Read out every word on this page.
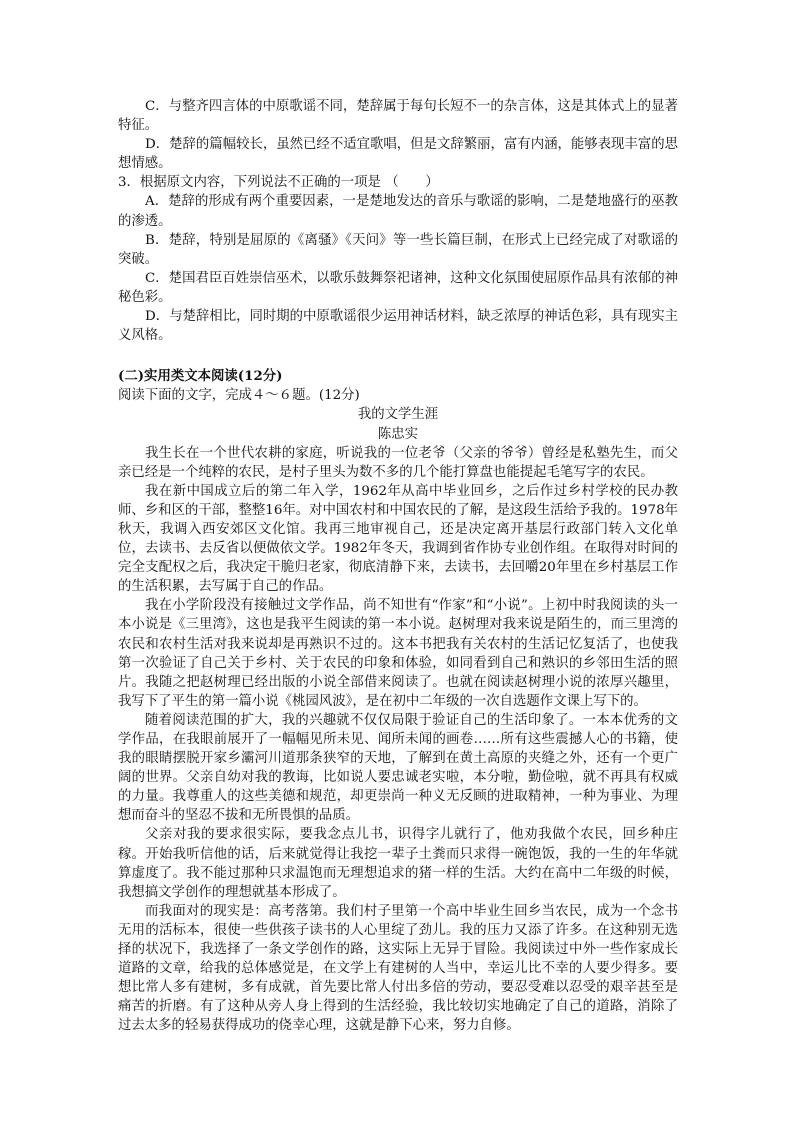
C．与整齐四言体的中原歌谣不同，楚辞属于每句长短不一的杂言体，这是其体式上的显著特征。

D．楚辞的篇幅较长，虽然已经不适宜歌唱，但是文辞繁丽，富有内涵，能够表现丰富的思想情感。

3．根据原文内容，下列说法不正确的一项是 （　　）

A．楚辞的形成有两个重要因素，一是楚地发达的音乐与歌谣的影响，二是楚地盛行的巫教的渗透。

B．楚辞，特别是屈原的《离骚》《天问》等一些长篇巨制，在形式上已经完成了对歌谣的突破。

C．楚国君臣百姓崇信巫术，以歌乐鼓舞祭祀诸神，这种文化氛围使屈原作品具有浓郁的神秘色彩。

D．与楚辞相比，同时期的中原歌谣很少运用神话材料，缺乏浓厚的神话色彩，具有现实主义风格。

(二)实用类文本阅读(12分)

阅读下面的文字，完成４～６题。(12分)

我的文学生涯

陈忠实

我生长在一个世代农耕的家庭，听说我的一位老爷（父亲的爷爷）曾经是私塾先生，而父亲已经是一个纯粹的农民，是村子里头为数不多的几个能打算盘也能提起毛笔写字的农民。

我在新中国成立后的第二年入学，1962年从高中毕业回乡，之后作过乡村学校的民办教师、乡和区的干部，整整16年。对中国农村和中国农民的了解，是这段生活给予我的。1978年秋天，我调入西安郊区文化馆。我再三地审视自己，还是决定离开基层行政部门转入文化单位，去读书、去反省以便做依文学。1982年冬天，我调到省作协专业创作组。在取得对时间的完全支配权之后，我决定干脆归老家，彻底清静下来，去读书，去回嚼20年里在乡村基层工作的生活积累，去写属于自己的作品。

我在小学阶段没有接触过文学作品，尚不知世有“作家”和“小说”。上初中时我阅读的头一本小说是《三里湾》，这也是我平生阅读的第一本小说。赵树理对我来说是陌生的，而三里湾的农民和农村生活对我来说却是再熟识不过的。这本书把我有关农村的生活记忆复活了，也使我第一次验证了自己关于乡村、关于农民的印象和体验，如同看到自己和熟识的乡邻田生活的照片。我随之把赵树理已经出版的小说全部借来阅读了。也就在阅读赵树理小说的浓厚兴趣里，我写下了平生的第一篇小说《桃园风波》，是在初中二年级的一次自选题作文课上写下的。

随着阅读范围的扩大，我的兴趣就不仅仅局限于验证自己的生活印象了。一本本优秀的文学作品，在我眼前展开了一幅幅见所未见、闻所未闻的画卷……所有这些震撼人心的书籍，使我的眼睛摆脱开家乡灞河川道那条狭窄的天地，了解到在黄土高原的夹缝之外，还有一个更广阔的世界。父亲自幼对我的教诲，比如说人要忠诚老实啦，本分啦，勤俭啦，就不再具有权威的力量。我尊重人的这些美德和规范，却更崇尚一种义无反顾的进取精神，一种为事业、为理想而奋斗的坚忍不拔和无所畏惧的品质。

父亲对我的要求很实际，要我念点儿书，识得字儿就行了，他劝我做个农民，回乡种庄稼。开始我听信他的话，后来就觉得让我挖一辈子土粪而只求得一碗饱饭，我的一生的年华就算虚度了。我不能过那种只求温饱而无理想追求的猪一样的生活。大约在高中二年级的时候，我想搞文学创作的理想就基本形成了。

而我面对的现实是：高考落第。我们村子里第一个高中毕业生回乡当农民，成为一个念书无用的活标本，很使一些供孩子读书的人心里绽了劲儿。我的压力又添了许多。在这种别无选择的状况下，我选择了一条文学创作的路，这实际上无异于冒险。我阅读过中外一些作家成长道路的文章，给我的总体感觉是，在文学上有建树的人当中，幸运儿比不幸的人要少得多。要想比常人多有建树，多有成就，首先要比常人付出多倍的劳动，要忍受难以忍受的艰辛甚至是痛苦的折磨。有了这种从旁人身上得到的生活经验，我比较切实地确定了自己的道路，消除了过去太多的轻易获得成功的侥幸心理，这就是静下心来，努力自修。
